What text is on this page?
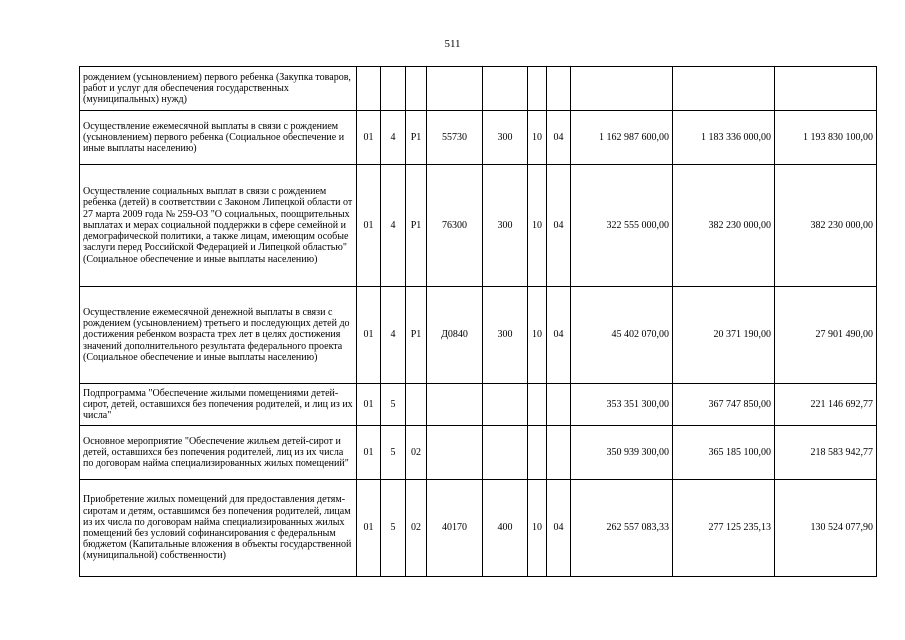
511
рождением (усыновлением) первого ребенка (Закупка товаров, работ и услуг для обеспечения государственных (муниципальных) нужд)										
Осуществление ежемесячной выплаты в связи с рождением (усыновлением) первого ребенка (Социальное обеспечение и иные выплаты населению)	01	4	P1	55730	300	10	04	1 162 987 600,00	1 183 336 000,00	1 193 830 100,00
Осуществление социальных выплат в связи с рождением ребенка (детей) в соответствии с Законом Липецкой области от 27 марта 2009 года № 259-ОЗ "О социальных, поощрительных выплатах и мерах социальной поддержки в сфере семейной и демографической политики, а также лицам, имеющим особые заслуги перед Российской Федерацией и Липецкой областью" (Социальное обеспечение и иные выплаты населению)	01	4	P1	76300	300	10	04	322 555 000,00	382 230 000,00	382 230 000,00
Осуществление ежемесячной денежной выплаты в связи с рождением (усыновлением) третьего и последующих детей до достижения ребенком возраста трех лет в целях достижения значений дополнительного результата федерального проекта (Социальное обеспечение и иные выплаты населению)	01	4	P1	Д0840	300	10	04	45 402 070,00	20 371 190,00	27 901 490,00
Подпрограмма "Обеспечение жилыми помещениями детей-сирот, детей, оставшихся без попечения родителей, и лиц из их числа"	01	5						353 351 300,00	367 747 850,00	221 146 692,77
Основное мероприятие "Обеспечение жильем детей-сирот и детей, оставшихся без попечения родителей, лиц из их числа по договорам найма специализированных жилых помещений"	01	5	02					350 939 300,00	365 185 100,00	218 583 942,77
Приобретение жилых помещений для предоставления детям-сиротам и детям, оставшимся без попечения родителей, лицам из их числа по договорам найма специализированных жилых помещений без условий софинансирования с федеральным бюджетом (Капитальные вложения в объекты государственной (муниципальной) собственности)	01	5	02	40170	400	10	04	262 557 083,33	277 125 235,13	130 524 077,90
